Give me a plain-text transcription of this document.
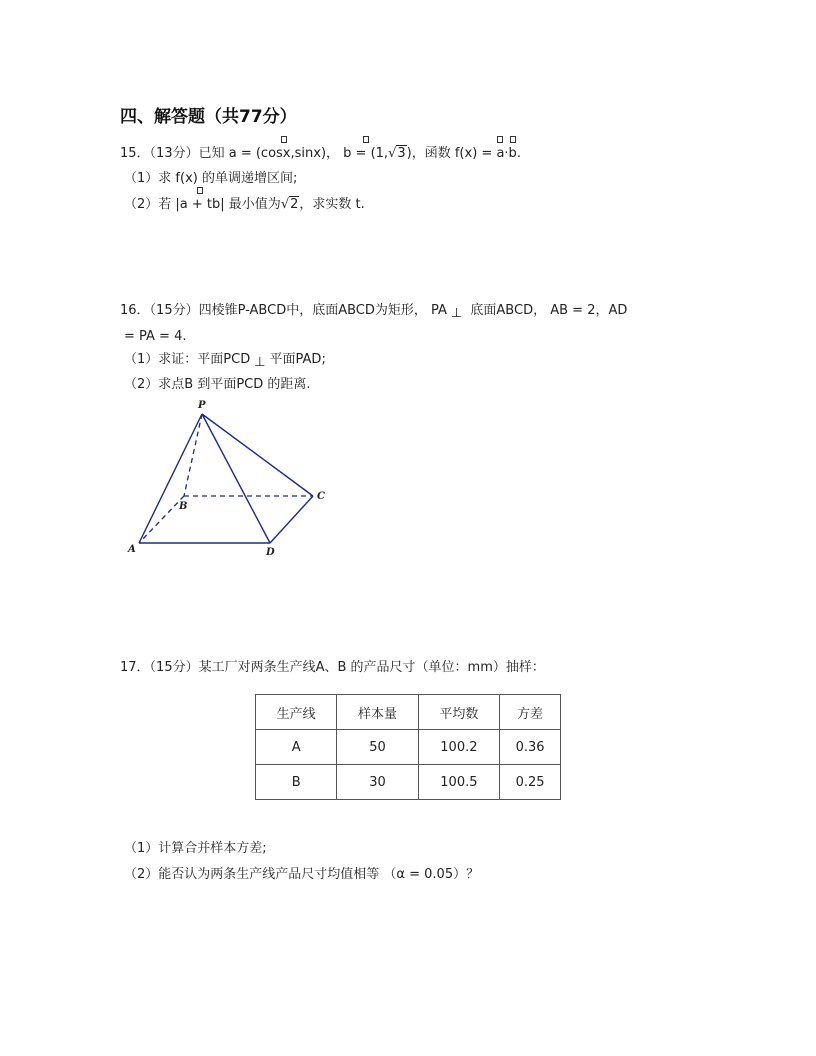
四、解答题（共77分）
15．（13分）已知 a = (cosx,sinx)， b = (1,√3)，函数 f(x) = a·b.
（1）求 f(x) 的单调递增区间;
（2）若 |a + tb| 最小值为√2，求实数 t.
16．（15分）四棱锥P-ABCD中，底面ABCD为矩形， PA ⊥ 底面ABCD， AB = 2，AD
= PA = 4.
（1）求证：平面PCD ⊥ 平面PAD;
（2）求点B 到平面PCD 的距离.
P
A
B
C
D
17．（15分）某工厂对两条生产线A、B 的产品尺寸（单位：mm）抽样：
生产线	样本量	平均数	方差
A	50	100.2	0.36
B	30	100.5	0.25
（1）计算合并样本方差;
（2）能否认为两条生产线产品尺寸均值相等 （α = 0.05）？
